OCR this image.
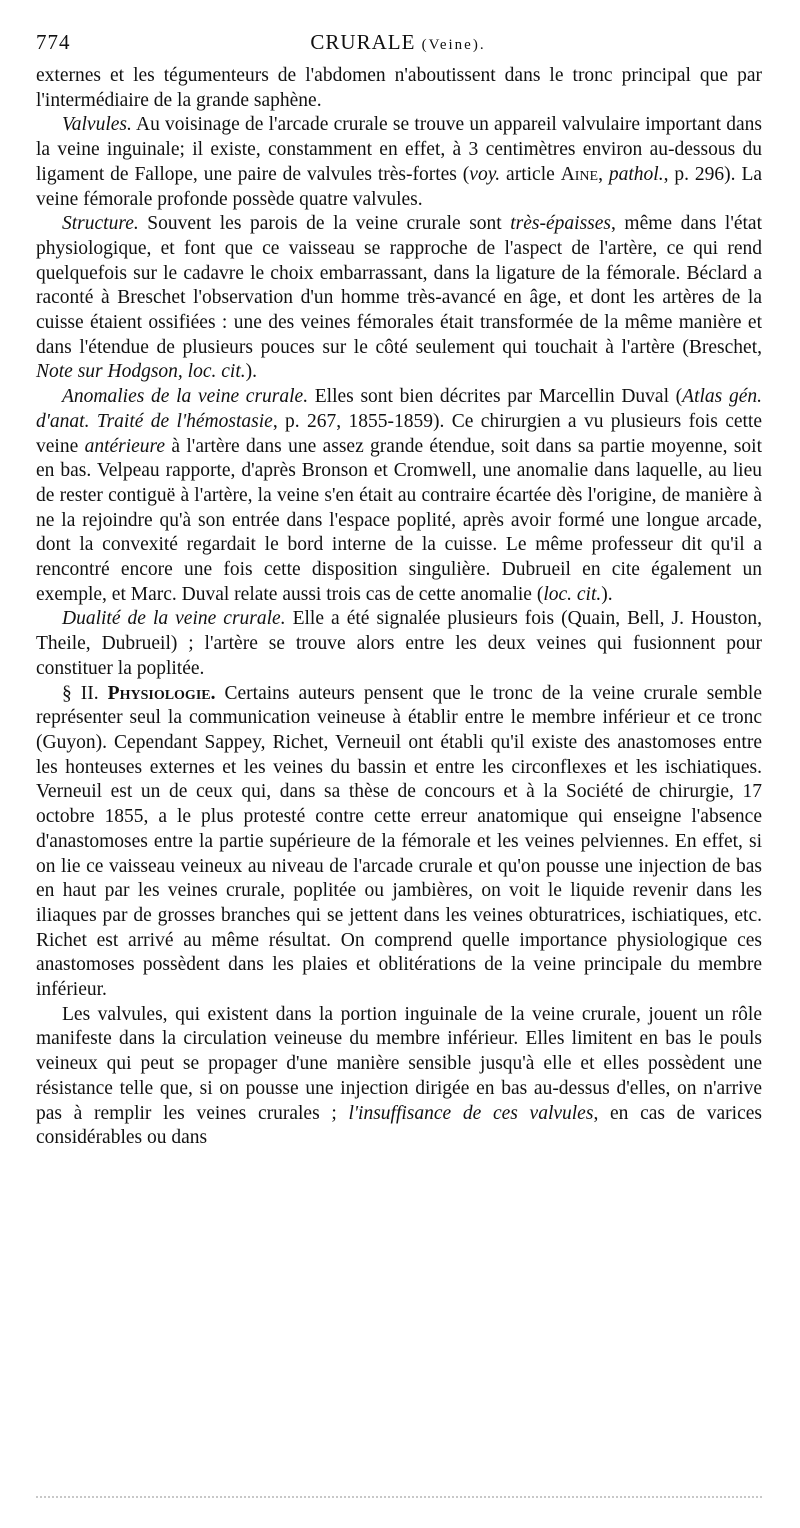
774	CRURALE (Veine).

externes et les tégumenteurs de l'abdomen n'aboutissent dans le tronc principal que par l'intermédiaire de la grande saphène.

Valvules. Au voisinage de l'arcade crurale se trouve un appareil valvulaire important dans la veine inguinale; il existe, constamment en effet, à 3 centimètres environ au-dessous du ligament de Fallope, une paire de valvules très-fortes (voy. article Aine, pathol., p. 296). La veine fémorale profonde possède quatre valvules.

Structure. Souvent les parois de la veine crurale sont très-épaisses, même dans l'état physiologique, et font que ce vaisseau se rapproche de l'aspect de l'artère, ce qui rend quelquefois sur le cadavre le choix embarrassant, dans la ligature de la fémorale. Béclard a raconté à Breschet l'observation d'un homme très-avancé en âge, et dont les artères de la cuisse étaient ossifiées : une des veines fémorales était transformée de la même manière et dans l'étendue de plusieurs pouces sur le côté seulement qui touchait à l'artère (Breschet, Note sur Hodgson, loc. cit.).

Anomalies de la veine crurale. Elles sont bien décrites par Marcellin Duval (Atlas gén. d'anat. Traité de l'hémostasie, p. 267, 1855-1859). Ce chirurgien a vu plusieurs fois cette veine antérieure à l'artère dans une assez grande étendue, soit dans sa partie moyenne, soit en bas. Velpeau rapporte, d'après Bronson et Cromwell, une anomalie dans laquelle, au lieu de rester contiguë à l'artère, la veine s'en était au contraire écartée dès l'origine, de manière à ne la rejoindre qu'à son entrée dans l'espace poplité, après avoir formé une longue arcade, dont la convexité regardait le bord interne de la cuisse. Le même professeur dit qu'il a rencontré encore une fois cette disposition singulière. Dubrueil en cite également un exemple, et Marc. Duval relate aussi trois cas de cette anomalie (loc. cit.).

Dualité de la veine crurale. Elle a été signalée plusieurs fois (Quain, Bell, J. Houston, Theile, Dubrueil) ; l'artère se trouve alors entre les deux veines qui fusionnent pour constituer la poplitée.

§ II. Physiologie. Certains auteurs pensent que le tronc de la veine crurale semble représenter seul la communication veineuse à établir entre le membre inférieur et ce tronc (Guyon). Cependant Sappey, Richet, Verneuil ont établi qu'il existe des anastomoses entre les honteuses externes et les veines du bassin et entre les circonflexes et les ischiatiques. Verneuil est un de ceux qui, dans sa thèse de concours et à la Société de chirurgie, 17 octobre 1855, a le plus protesté contre cette erreur anatomique qui enseigne l'absence d'anastomoses entre la partie supérieure de la fémorale et les veines pelviennes. En effet, si on lie ce vaisseau veineux au niveau de l'arcade crurale et qu'on pousse une injection de bas en haut par les veines crurale, poplitée ou jambières, on voit le liquide revenir dans les iliaques par de grosses branches qui se jettent dans les veines obturatrices, ischiatiques, etc. Richet est arrivé au même résultat. On comprend quelle importance physiologique ces anastomoses possèdent dans les plaies et oblitérations de la veine principale du membre inférieur.

Les valvules, qui existent dans la portion inguinale de la veine crurale, jouent un rôle manifeste dans la circulation veineuse du membre inférieur. Elles limitent en bas le pouls veineux qui peut se propager d'une manière sensible jusqu'à elle et elles possèdent une résistance telle que, si on pousse une injection dirigée en bas au-dessus d'elles, on n'arrive pas à remplir les veines crurales ; l'insuffisance de ces valvules, en cas de varices considérables ou dans
